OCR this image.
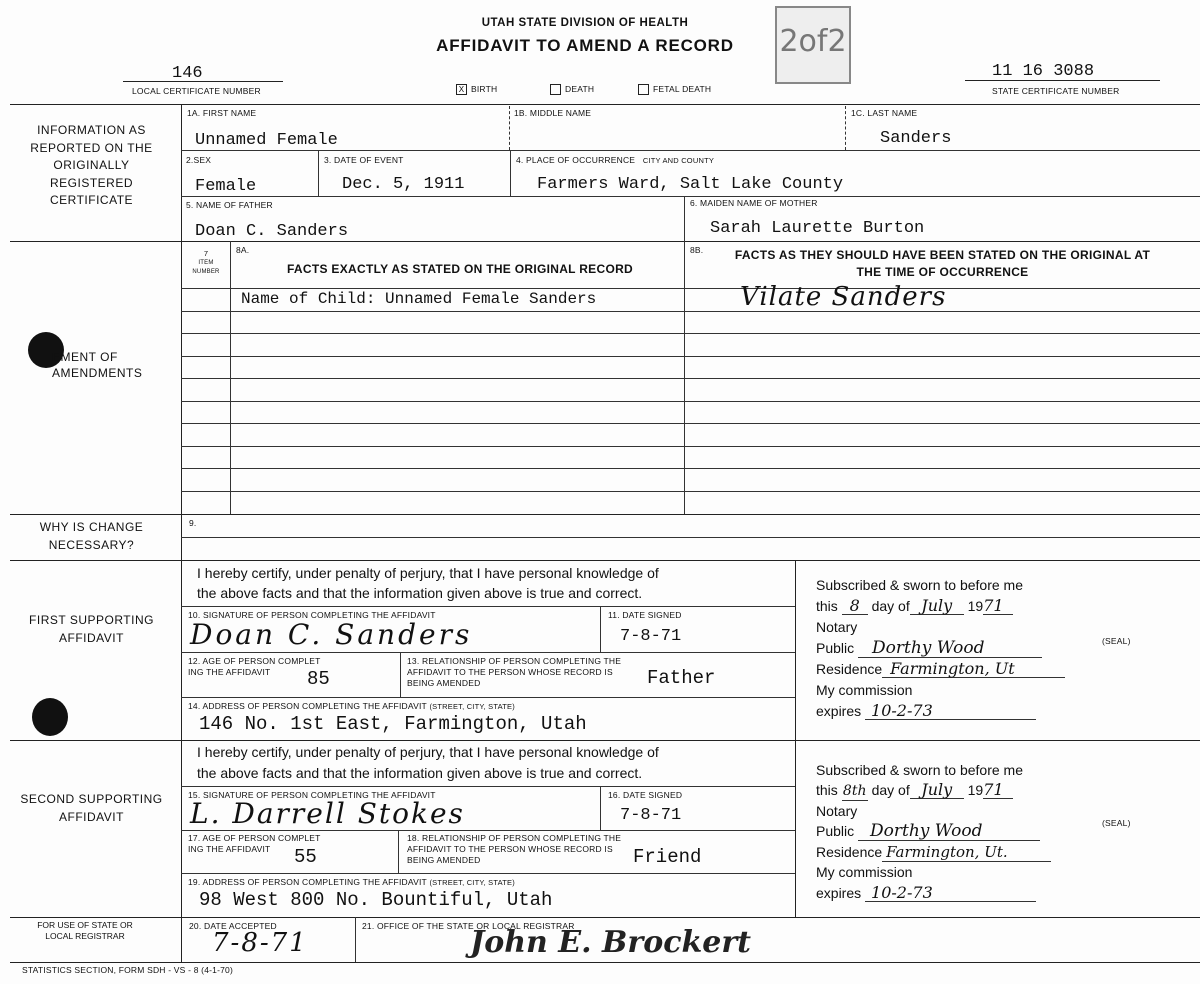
UTAH STATE DIVISION OF HEALTH
AFFIDAVIT TO AMEND A RECORD	2of2
146
LOCAL CERTIFICATE NUMBER
11 16 3088
STATE CERTIFICATE NUMBER
X BIRTH	DEATH	FETAL DEATH
INFORMATION AS REPORTED ON THE ORIGINALLY REGISTERED CERTIFICATE
1A. FIRST NAME
Unnamed Female
1B. MIDDLE NAME	1C. LAST NAME
Sanders
2.SEX
Female
3. DATE OF EVENT
Dec. 5, 1911
4. PLACE OF OCCURRENCE CITY AND COUNTY
Farmers Ward, Salt Lake County
5. NAME OF FATHER
Doan C. Sanders
6. MAIDEN NAME OF MOTHER
Sarah Laurette Burton
EMENT OF AMENDMENTS
7
ITEM NUMBER
8A.
FACTS EXACTLY AS STATED ON THE ORIGINAL RECORD
8B.	FACTS AS THEY SHOULD HAVE BEEN STATED ON THE ORIGINAL AT THE TIME OF OCCURRENCE
Name of Child: Unnamed Female Sanders	Vilate Sanders
WHY IS CHANGE NECESSARY?
9.
FIRST SUPPORTING AFFIDAVIT
I hereby certify, under penalty of perjury, that I have personal knowledge of
the above facts and that the information given above is true and correct.
10. SIGNATURE OF PERSON COMPLETING THE AFFIDAVIT
Doan C. Sanders
11. DATE SIGNED
7-8-71
12. AGE OF PERSON COMPLET
ING THE AFFIDAVIT	85
13. RELATIONSHIP OF PERSON COMPLETING THE
AFFIDAVIT TO THE PERSON WHOSE RECORD IS
BEING AMENDED	Father
14. ADDRESS OF PERSON COMPLETING THE AFFIDAVIT (STREET, CITY, STATE)
146 No. 1st East, Farmington, Utah
Subscribed & sworn to before me
this 8 day of July 1971
Notary
Public Dorthy Wood
Residence Farmington, Ut
My commission
expires 10-2-73
(SEAL)
SECOND SUPPORTING AFFIDAVIT
I hereby certify, under penalty of perjury, that I have personal knowledge of
the above facts and that the information given above is true and correct.
15. SIGNATURE OF PERSON COMPLETING THE AFFIDAVIT
L. Darrell Stokes
16. DATE SIGNED
7-8-71
17. AGE OF PERSON COMPLET
ING THE AFFIDAVIT	55
18. RELATIONSHIP OF PERSON COMPLETING THE
AFFIDAVIT TO THE PERSON WHOSE RECORD IS
BEING AMENDED	Friend
19. ADDRESS OF PERSON COMPLETING THE AFFIDAVIT (STREET, CITY, STATE)
98 West 800 No. Bountiful, Utah
Subscribed & sworn to before me
this 8th day of July 1971
Notary
Public Dorthy Wood
Residence Farmington, Ut.
My commission
expires 10-2-73
(SEAL)
FOR USE OF STATE OR LOCAL REGISTRAR
20. DATE ACCEPTED
7-8-71
21. OFFICE OF THE STATE OR LOCAL REGISTRAR
John E. Brockert
STATISTICS SECTION, FORM SDH - VS - 8 (4-1-70)
